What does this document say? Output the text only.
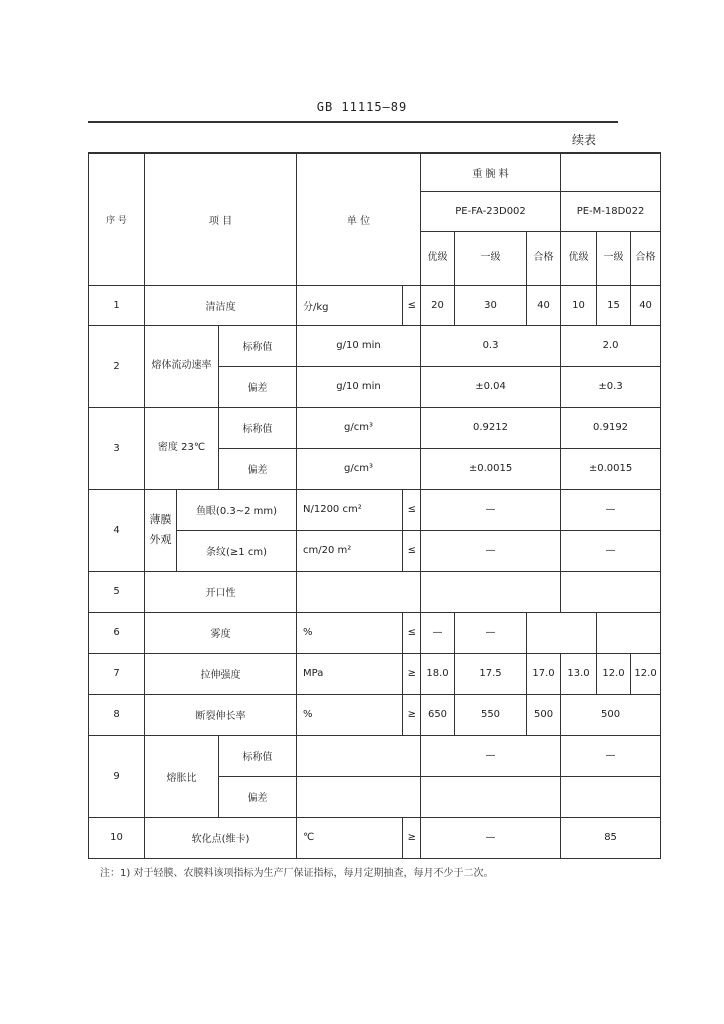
GB 11115—89
续表
序 号	项 目			单 位		重 腕 料					
						PE-FA-23D002			PE-M-18D022		
						优级	一级	合格	优级	一级	合格
1	清洁度			分/kg	≤	20	30	40	10	15	40
2	熔体流动速率		标称值	g/10 min		0.3			2.0		
			偏差	g/10 min		±0.04			±0.3		
3	密度 23℃		标称值	g/cm³		0.9212			0.9192		
			偏差	g/cm³		±0.0015			±0.0015		
4	薄膜外观	鱼眼(0.3~2 mm)		N/1200 cm²	≤	—			—		
		条纹(≥1 cm)		cm/20 m²	≤	—			—		
5	开口性										
6	雾度			%	≤	—	—				
7	拉伸强度			MPa	≥	18.0	17.5	17.0	13.0	12.0	12.0
8	断裂伸长率			%	≥	650	550	500	500		
9	熔胀比		标称值			—			—		
			偏差								
10	软化点(维卡)			℃	≥	—			85		
注：1) 对于轻膜、农膜料该项指标为生产厂保证指标，每月定期抽查，每月不少于二次。
